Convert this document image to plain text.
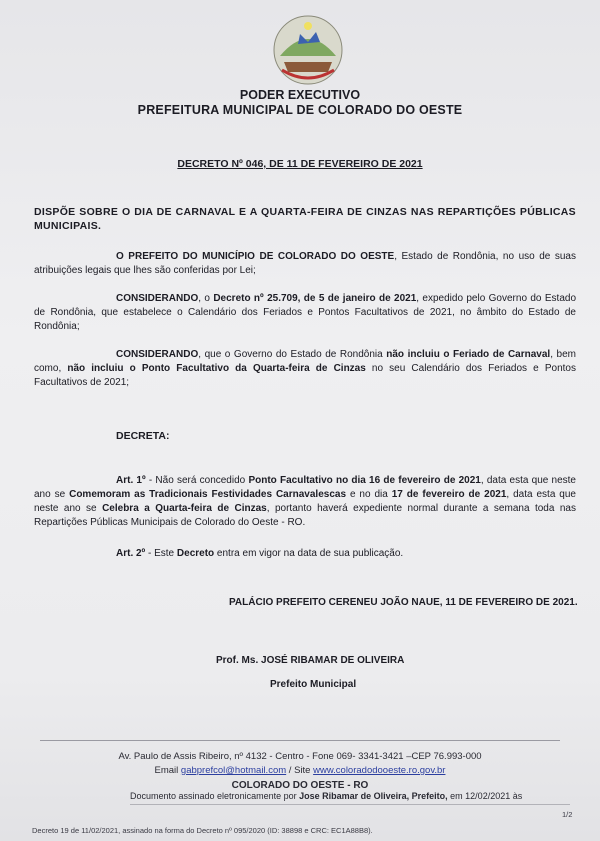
PODER EXECUTIVO
PREFEITURA MUNICIPAL DE COLORADO DO OESTE
DECRETO Nº 046, DE 11 DE FEVEREIRO DE 2021
DISPÕE SOBRE O DIA DE CARNAVAL E A QUARTA-FEIRA DE CINZAS NAS REPARTIÇÕES PÚBLICAS MUNICIPAIS.
O PREFEITO DO MUNICÍPIO DE COLORADO DO OESTE, Estado de Rondônia, no uso de suas atribuições legais que lhes são conferidas por Lei;
CONSIDERANDO, o Decreto nº 25.709, de 5 de janeiro de 2021, expedido pelo Governo do Estado de Rondônia, que estabelece o Calendário dos Feriados e Pontos Facultativos de 2021, no âmbito do Estado de Rondônia;
CONSIDERANDO, que o Governo do Estado de Rondônia não incluiu o Feriado de Carnaval, bem como, não incluiu o Ponto Facultativo da Quarta-feira de Cinzas no seu Calendário dos Feriados e Pontos Facultativos de 2021;
DECRETA:
Art. 1º - Não será concedido Ponto Facultativo no dia 16 de fevereiro de 2021, data esta que neste ano se Comemoram as Tradicionais Festividades Carnavalescas e no dia 17 de fevereiro de 2021, data esta que neste ano se Celebra a Quarta-feira de Cinzas, portanto haverá expediente normal durante a semana toda nas Repartições Públicas Municipais de Colorado do Oeste - RO.
Art. 2º - Este Decreto entra em vigor na data de sua publicação.
PALÁCIO PREFEITO CERENEU JOÃO NAUE, 11 DE FEVEREIRO DE 2021.
Prof. Ms. JOSÉ RIBAMAR DE OLIVEIRA
Prefeito Municipal
Av. Paulo de Assis Ribeiro, nº 4132 - Centro - Fone 069- 3341-3421 –CEP 76.993-000
Email gabprefcol@hotmail.com / Site www.coloradodooeste.ro.gov.br
COLORADO DO OESTE - RO
Documento assinado eletronicamente por Jose Ribamar de Oliveira, Prefeito, em 12/02/2021 às
1/2
Decreto 19 de 11/02/2021, assinado na forma do Decreto nº 095/2020 (ID: 38898 e CRC: EC1A88B8).
